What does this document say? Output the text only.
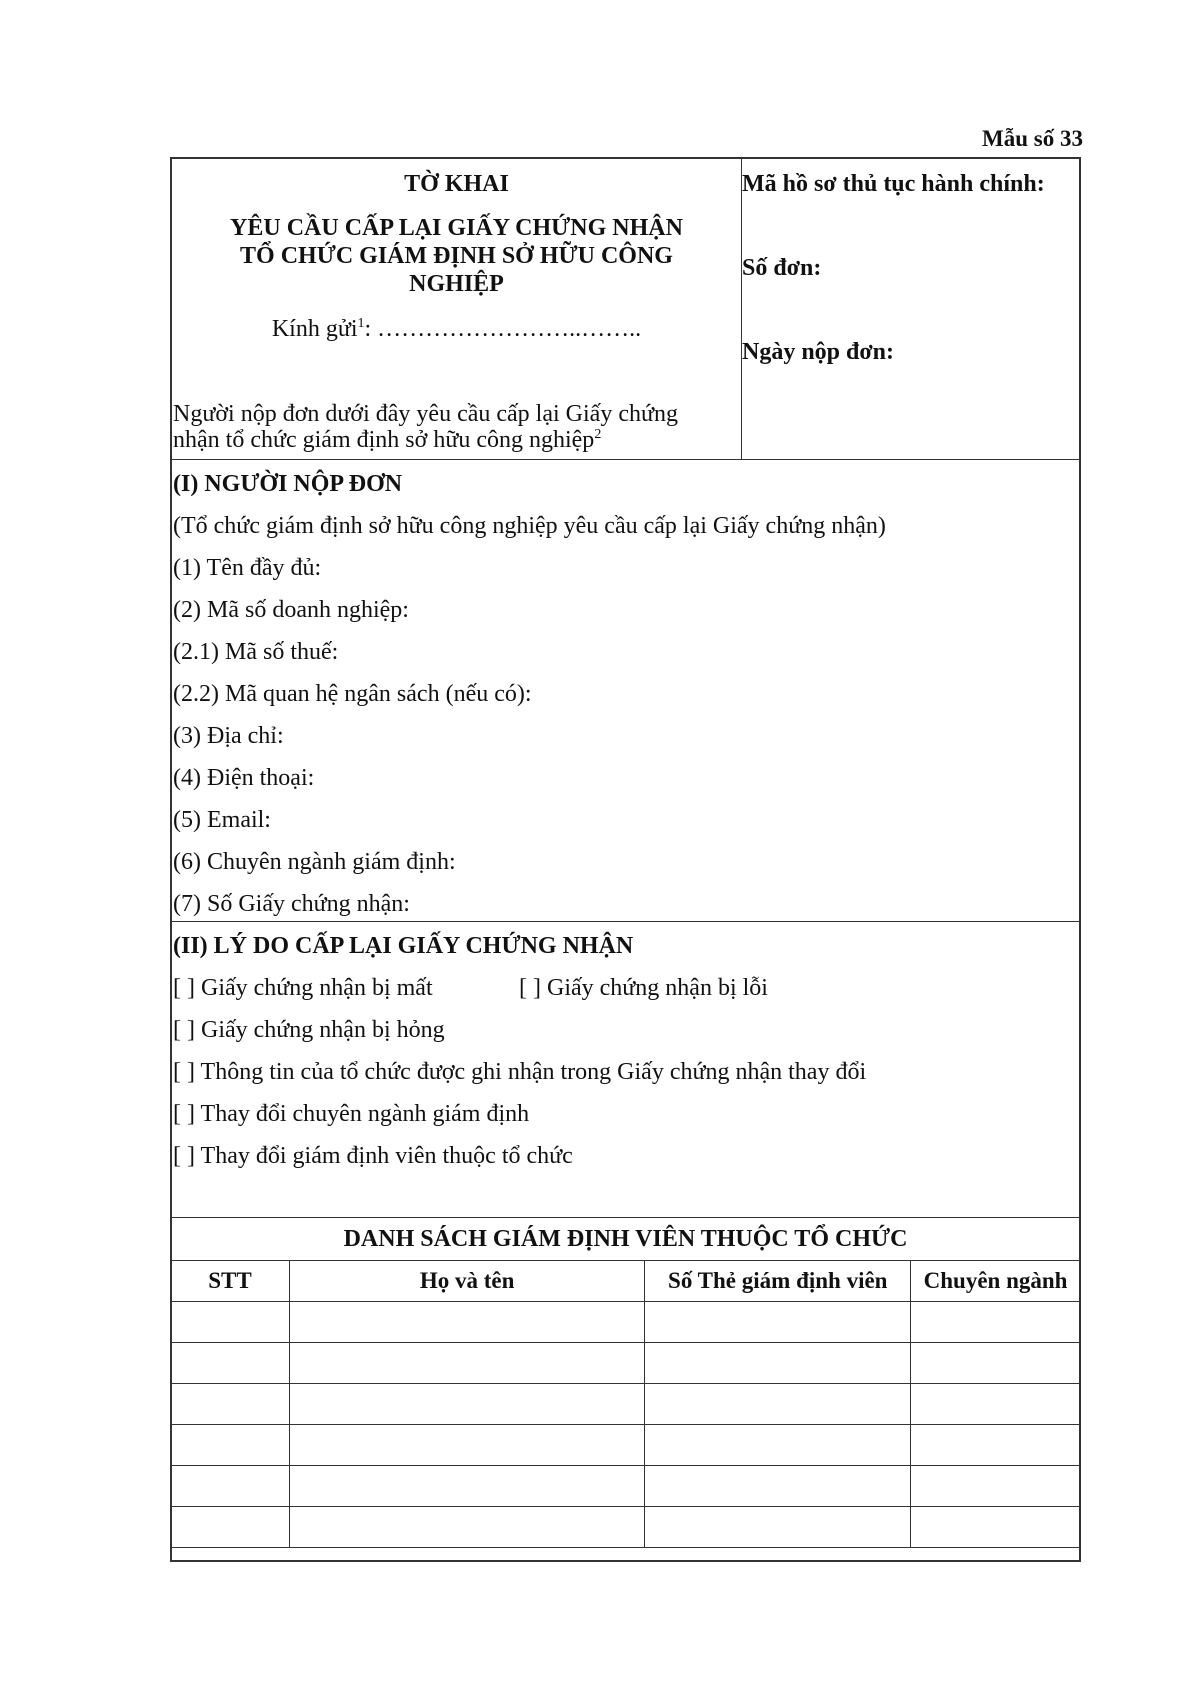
Mẫu số 33
TỜ KHAI
YÊU CẦU CẤP LẠI GIẤY CHỨNG NHẬN
TỔ CHỨC GIÁM ĐỊNH SỞ HỮU CÔNG
NGHIỆP
Kính gửi$^1$: ……………………..……..
Người nộp đơn dưới đây yêu cầu cấp lại Giấy chứng
nhận tổ chức giám định sở hữu công nghiệp$^2$
Mã hồ sơ thủ tục hành chính:
Số đơn:
Ngày nộp đơn:
(I) NGƯỜI NỘP ĐƠN
(Tổ chức giám định sở hữu công nghiệp yêu cầu cấp lại Giấy chứng nhận)
(1) Tên đầy đủ:
(2) Mã số doanh nghiệp:
(2.1) Mã số thuế:
(2.2) Mã quan hệ ngân sách (nếu có):
(3) Địa chỉ:
(4) Điện thoại:
(5) Email:
(6) Chuyên ngành giám định:
(7) Số Giấy chứng nhận:
(II) LÝ DO CẤP LẠI GIẤY CHỨNG NHẬN
[ ] Giấy chứng nhận bị mất	[ ] Giấy chứng nhận bị lỗi
[ ] Giấy chứng nhận bị hỏng
[ ] Thông tin của tổ chức được ghi nhận trong Giấy chứng nhận thay đổi
[ ] Thay đổi chuyên ngành giám định
[ ] Thay đổi giám định viên thuộc tổ chức
DANH SÁCH GIÁM ĐỊNH VIÊN THUỘC TỔ CHỨC			
STT	Họ và tên	Số Thẻ giám định viên	Chuyên ngành
